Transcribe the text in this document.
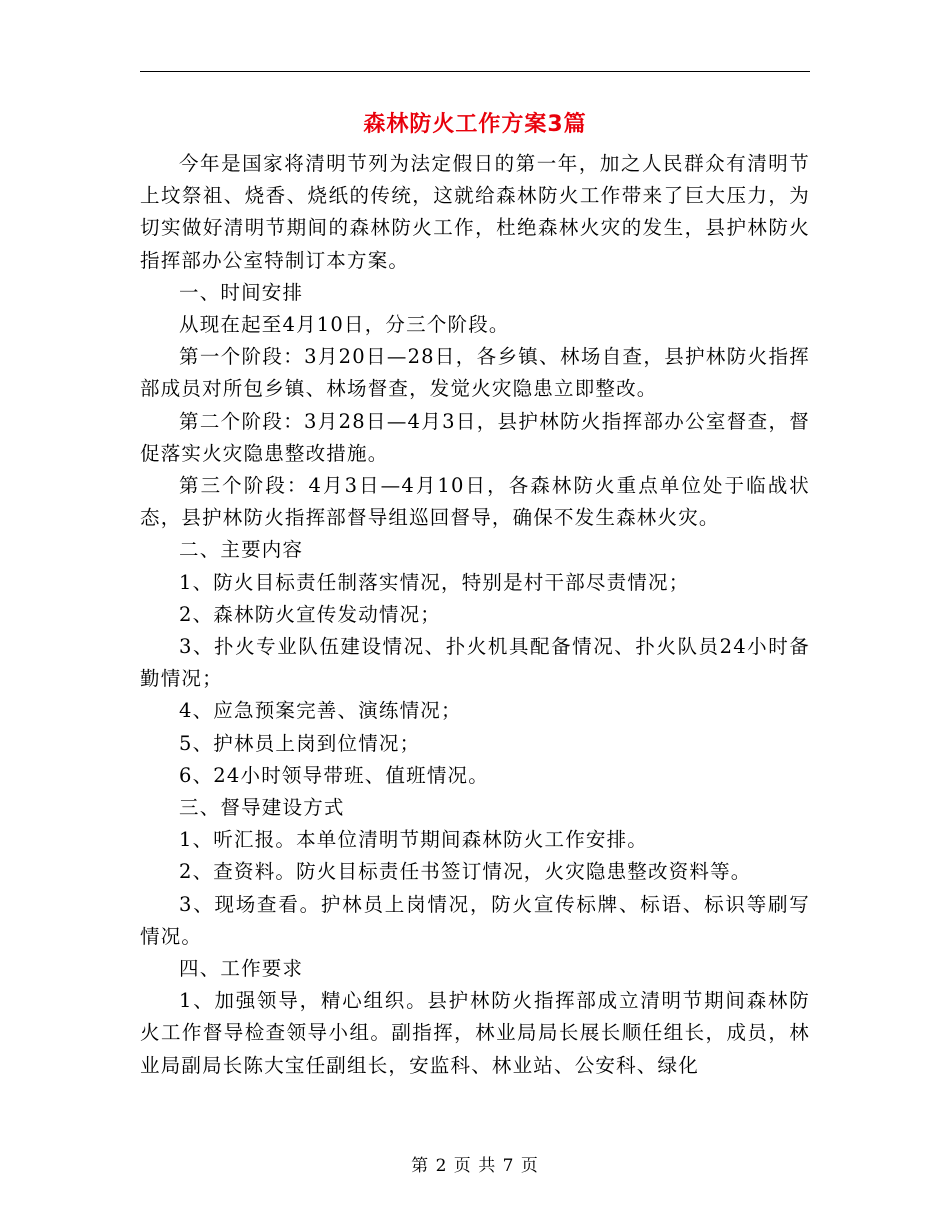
森林防火工作方案3篇

今年是国家将清明节列为法定假日的第一年，加之人民群众有清明节上坟祭祖、烧香、烧纸的传统，这就给森林防火工作带来了巨大压力，为切实做好清明节期间的森林防火工作，杜绝森林火灾的发生，县护林防火指挥部办公室特制订本方案。

一、时间安排

从现在起至4月10日，分三个阶段。

第一个阶段：3月20日—28日，各乡镇、林场自查，县护林防火指挥部成员对所包乡镇、林场督查，发觉火灾隐患立即整改。

第二个阶段：3月28日—4月3日，县护林防火指挥部办公室督查，督促落实火灾隐患整改措施。

第三个阶段：4月3日—4月10日，各森林防火重点单位处于临战状态，县护林防火指挥部督导组巡回督导，确保不发生森林火灾。

二、主要内容

1、防火目标责任制落实情况，特别是村干部尽责情况；

2、森林防火宣传发动情况；

3、扑火专业队伍建设情况、扑火机具配备情况、扑火队员24小时备勤情况；

4、应急预案完善、演练情况；

5、护林员上岗到位情况；

6、24小时领导带班、值班情况。

三、督导建设方式

1、听汇报。本单位清明节期间森林防火工作安排。

2、查资料。防火目标责任书签订情况，火灾隐患整改资料等。

3、现场查看。护林员上岗情况，防火宣传标牌、标语、标识等刷写情况。

四、工作要求

1、加强领导，精心组织。县护林防火指挥部成立清明节期间森林防火工作督导检查领导小组。副指挥，林业局局长展长顺任组长，成员，林业局副局长陈大宝任副组长，安监科、林业站、公安科、绿化

第 2 页 共 7 页
